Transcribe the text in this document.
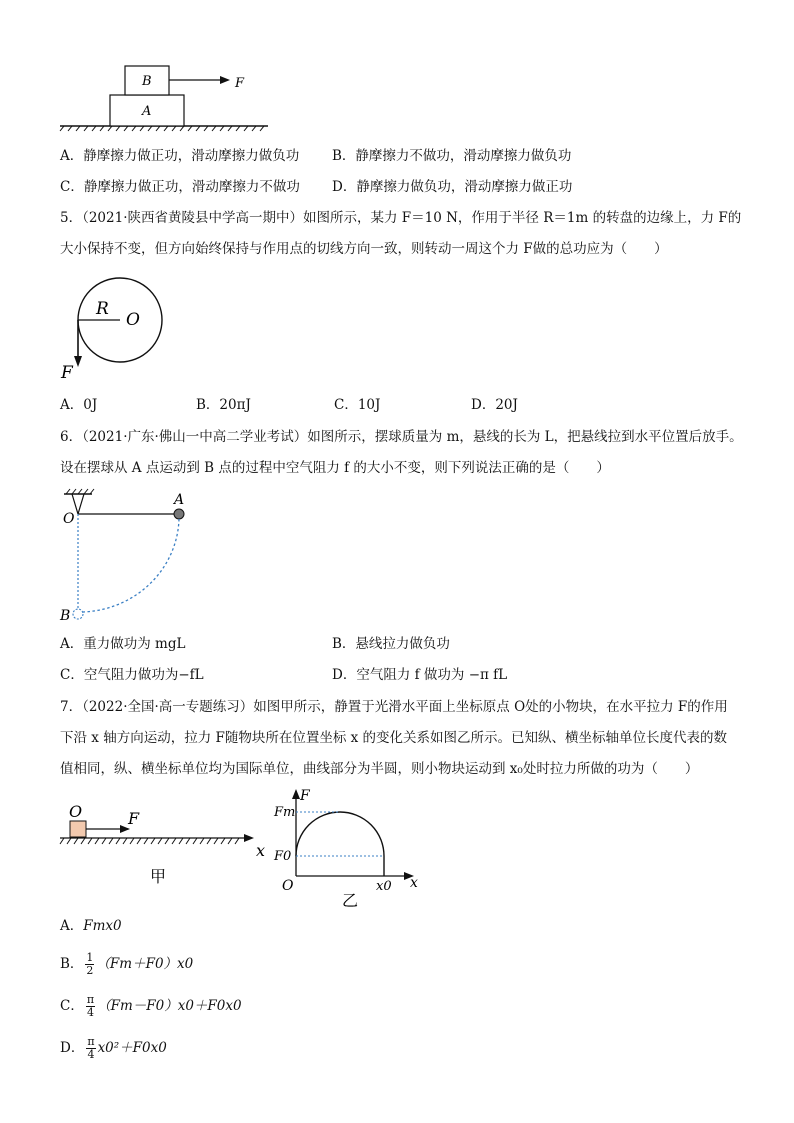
A
B	F
A．静摩擦力做正功，滑动摩擦力做负功 B．静摩擦力不做功，滑动摩擦力做负功
C．静摩擦力做正功，滑动摩擦力不做功 D．静摩擦力做负功，滑动摩擦力做正功
5．（2021·陕西省黄陵县中学高一期中）如图所示，某力 F＝10 N，作用于半径 R＝1m 的转盘的边缘上，力 F的
大小保持不变，但方向始终保持与作用点的切线方向一致，则转动一周这个力 F做的总功应为（　　）
R
O
F
A．0J	B．20πJ	C．10J	D．20J
6．（2021·广东·佛山一中高二学业考试）如图所示，摆球质量为 m，悬线的长为 L，把悬线拉到水平位置后放手。
设在摆球从 A 点运动到 B 点的过程中空气阻力 f 的大小不变，则下列说法正确的是（　　）
O
A
B
A．重力做功为 mgL	B．悬线拉力做负功
C．空气阻力做功为−fL	D．空气阻力 f 做功为 −π fL
7．（2022·全国·高一专题练习）如图甲所示，静置于光滑水平面上坐标原点 O处的小物块，在水平拉力 F的作用
下沿 x 轴方向运动，拉力 F随物块所在位置坐标 x 的变化关系如图乙所示。已知纵、横坐标轴单位长度代表的数
值相同，纵、横坐标单位均为国际单位，曲线部分为半圆，则小物块运动到 x₀处时拉力所做的功为（　　）
O	F
x
甲
F
Fm
F0
O	x0 x
乙
A．Fmx0
B． $\frac{1}{2} (Fm+F0)x0$
C． $\frac{\pi}{4} (Fm-F0)x0+F0x0$
D． $\frac{\pi}{4} x0^2+F0x0$
